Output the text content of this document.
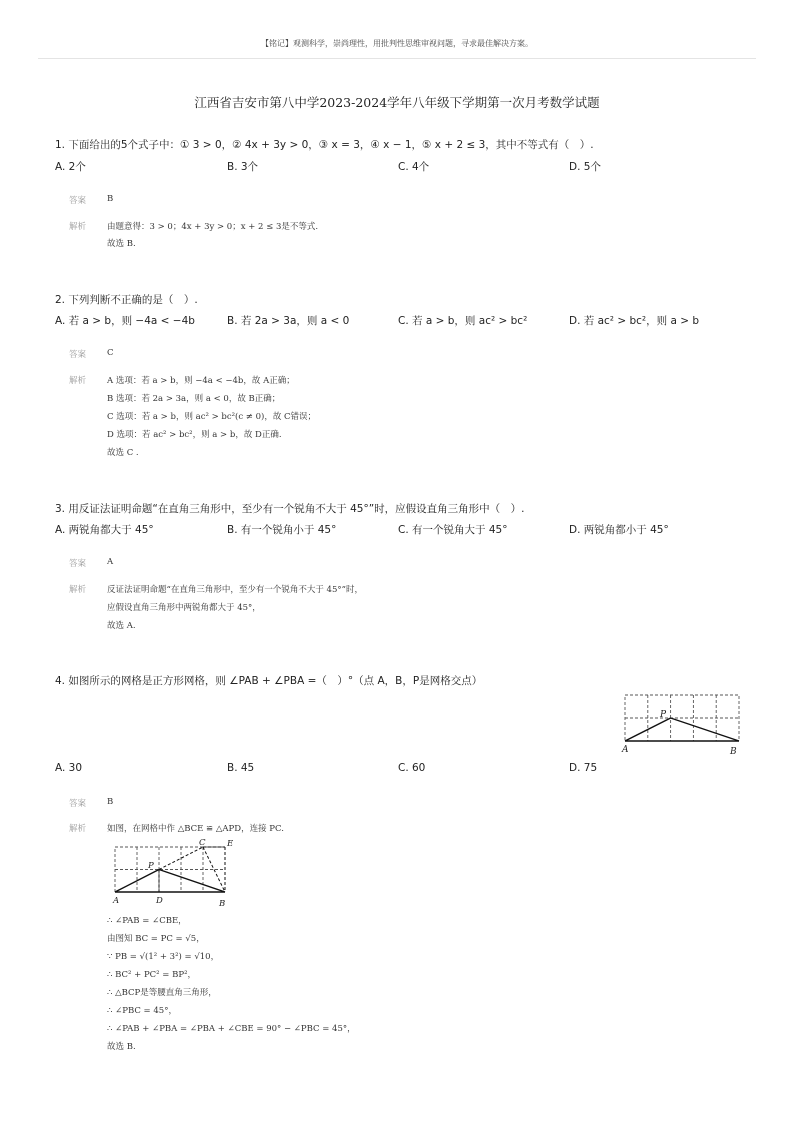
【铭记】观测科学，崇尚理性，用批判性思维审视问题，寻求最佳解决方案。
江西省吉安市第八中学2023-2024学年八年级下学期第一次月考数学试题
1. 下面给出的5个式子中：① 3 > 0，② 4x + 3y > 0，③ x = 3，④ x − 1，⑤ x + 2 ≤ 3，其中不等式有（　）.
A. 2个	B. 3个	C. 4个	D. 5个
答案 B
解析 由题意得：3 > 0；4x + 3y > 0；x + 2 ≤ 3是不等式.
故选 B.
2. 下列判断不正确的是（　）.
A. 若 a > b，则 −4a < −4b	B. 若 2a > 3a，则 a < 0	C. 若 a > b，则 ac² > bc²	D. 若 ac² > bc²，则 a > b
答案 C
解析 A 选项：若 a > b，则 −4a < −4b，故 A正确；
B 选项：若 2a > 3a，则 a < 0，故 B正确；
C 选项：若 a > b，则 ac² > bc²(c ≠ 0)，故 C错误；
D 选项：若 ac² > bc²，则 a > b，故 D正确.
故选 C .
3. 用反证法证明命题“在直角三角形中，至少有一个锐角不大于 45°”时，应假设直角三角形中（　）.
A. 两锐角都大于 45°	B. 有一个锐角小于 45°	C. 有一个锐角大于 45°	D. 两锐角都小于 45°
答案 A
解析 反证法证明命题“在直角三角形中，至少有一个锐角不大于 45°”时，
应假设直角三角形中两锐角都大于 45°，
故选 A.
4. 如图所示的网格是正方形网格，则 ∠PAB + ∠PBA =（　）°（点 A，B，P是网格交点）
P
A	B
A. 30	B. 45	C. 60	D. 75
答案 B
解析 如图，在网格中作 △BCE ≌ △APD，连接 PC.
C	E
P
A	D	B
∴ ∠PAB = ∠CBE，
由图知 BC = PC = √5，
∵ PB = √(1² + 3²) = √10，
∴ BC² + PC² = BP²，
∴ △BCP是等腰直角三角形，
∴ ∠PBC = 45°，
∴ ∠PAB + ∠PBA = ∠PBA + ∠CBE = 90° − ∠PBC = 45°，
故选 B.
